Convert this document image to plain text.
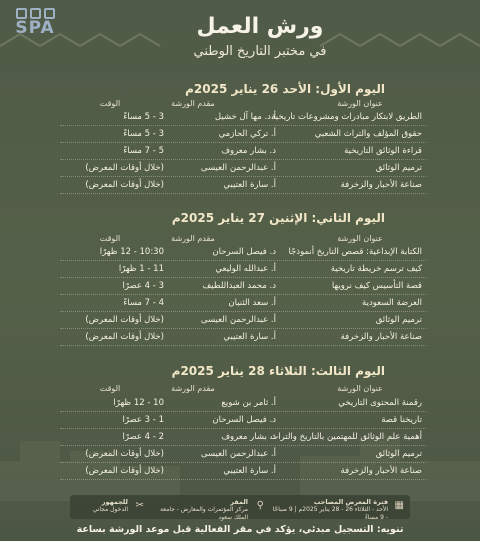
SPA	ورش العمل
في مختبر التاريخ الوطني
اليوم الأول: الأحد 26 يناير 2025م
عنوان الورشة
مقدم الورشة
الوقت
الطريق لابتكار مبادرات ومشروعات تاريخية
أ.د. مها آل خشيل
3 - 5 مساءً
حقوق المؤلف والتراث الشعبي
أ. تركي الحازمي
3 - 5 مساءً
قراءة الوثائق التاريخية
د. بشار معروف
5 - 7 مساءً
ترميم الوثائق
أ. عبدالرحمن العيسى
(خلال أوقات المعرض)
صناعة الأحبار والزخرفة
أ. سارة العتيبي
(خلال أوقات المعرض)
اليوم الثاني: الإثنين 27 يناير 2025م
عنوان الورشة
مقدم الورشة
الوقت
الكتابة الإبداعية: قصص التاريخ أنموذجًا
د. فيصل السرحان
10:30 - 12 ظهرًا
كيف ترسم خريطة تاريخية
أ. عبدالله الوليعي
11 - 1 ظهرًا
قصة التأسيس كيف نرويها
د. محمد العبداللطيف
3 - 4 عصرًا
العرضة السعودية
أ. سعد الثنيان
4 - 7 مساءً
ترميم الوثائق
أ. عبدالرحمن العيسى
(خلال أوقات المعرض)
صناعة الأحبار والزخرفة
أ. سارة العتيبي
(خلال أوقات المعرض)
اليوم الثالث: الثلاثاء 28 يناير 2025م
عنوان الورشة
مقدم الورشة
الوقت
رقمنة المحتوى التاريخي
أ. ثامر بن شويع
10 - 12 ظهرًا
تاريخنا قصة
د. فيصل السرحان
1 - 3 عصرًا
أهمية علم الوثائق للمهتمين بالتاريخ والتراث
د. بشار معروف
2 - 4 عصرًا
ترميم الوثائق
أ. عبدالرحمن العيسى
(خلال أوقات المعرض)
صناعة الأحبار والزخرفة
أ. سارة العتيبي
(خلال أوقات المعرض)
▦
فترة المعرض المصاحب
الأحد - الثلاثاء 26 - 28 يناير 2025م | 9 صباحًا - 9 مساءً
⚲
المقر
مركز المؤتمرات والمعارض - جامعة الملك سعود
✂
للجمهور
الدخول مجاني
تنويه: التسجيل مبدئي، يؤكد في مقر الفعالية قبل موعد الورشة بساعة
